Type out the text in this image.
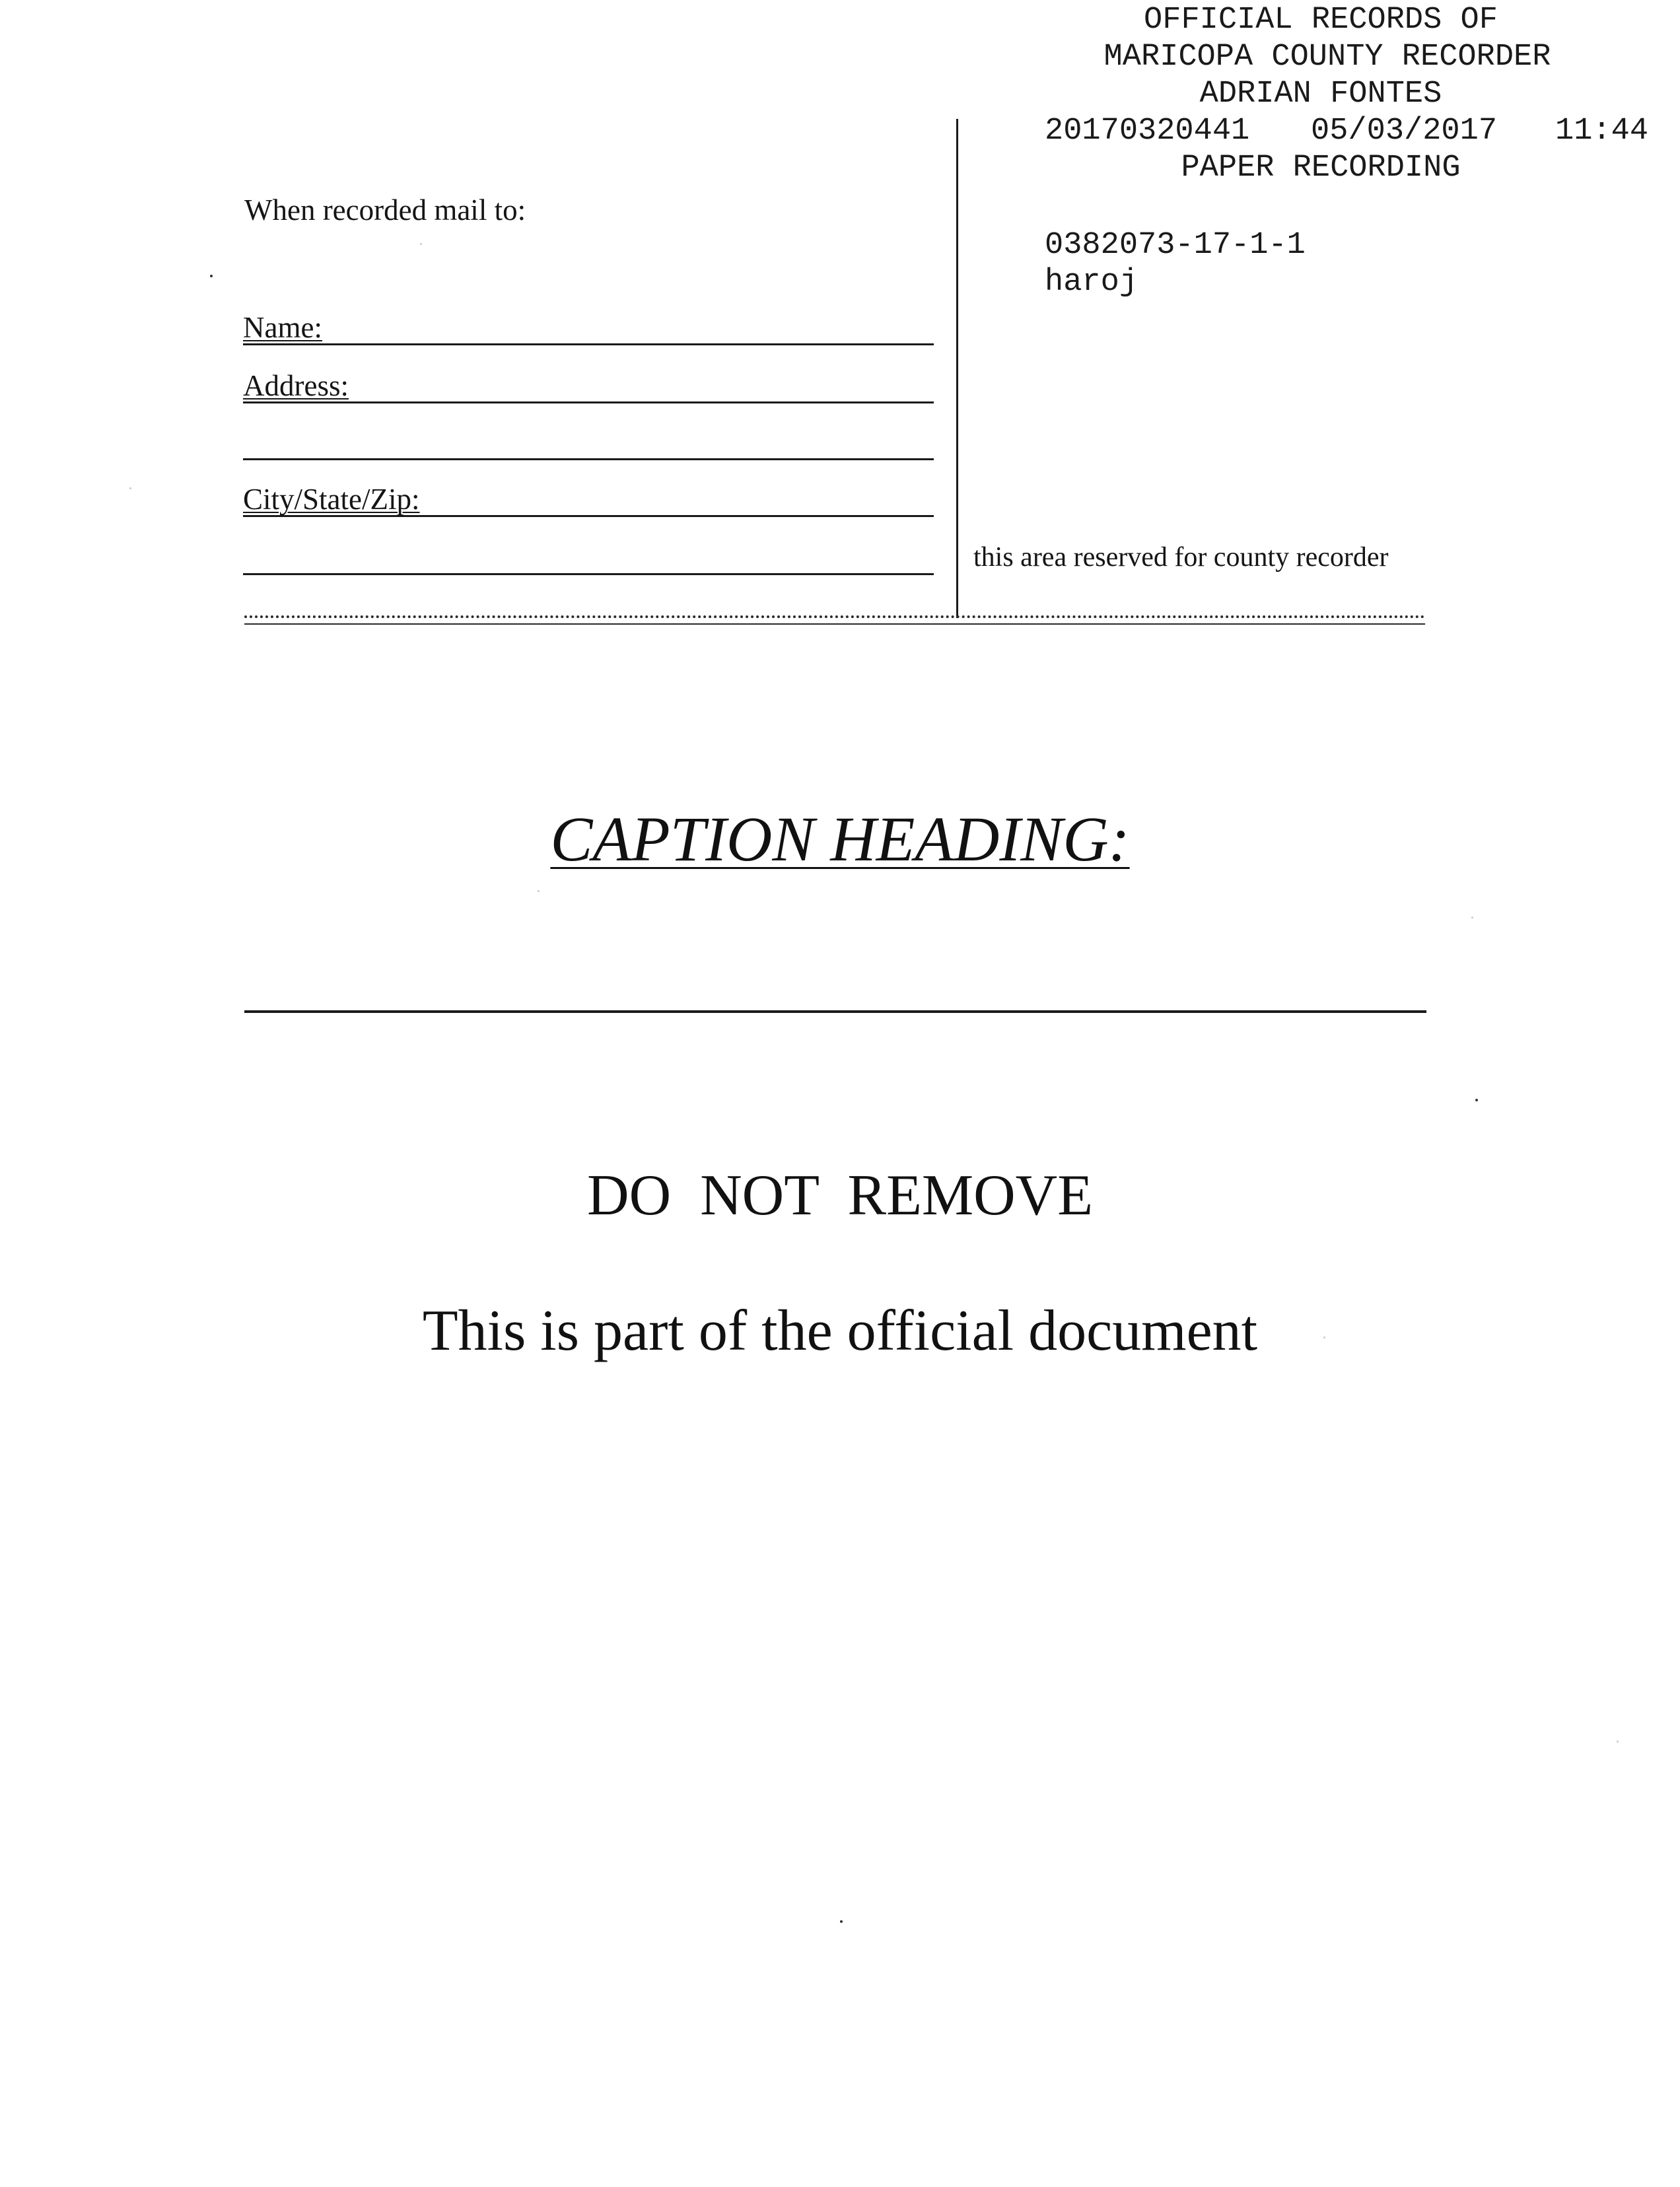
OFFICIAL RECORDS OF

MARICOPA COUNTY RECORDER

ADRIAN FONTES

20170320441

05/03/2017

11:44

PAPER RECORDING

0382073-17-1-1
haroj
When recorded mail to:
Name:
Address:
City/State/Zip:
this area reserved for county recorder
CAPTION HEADING:
DO NOT REMOVE
This is part of the official document
